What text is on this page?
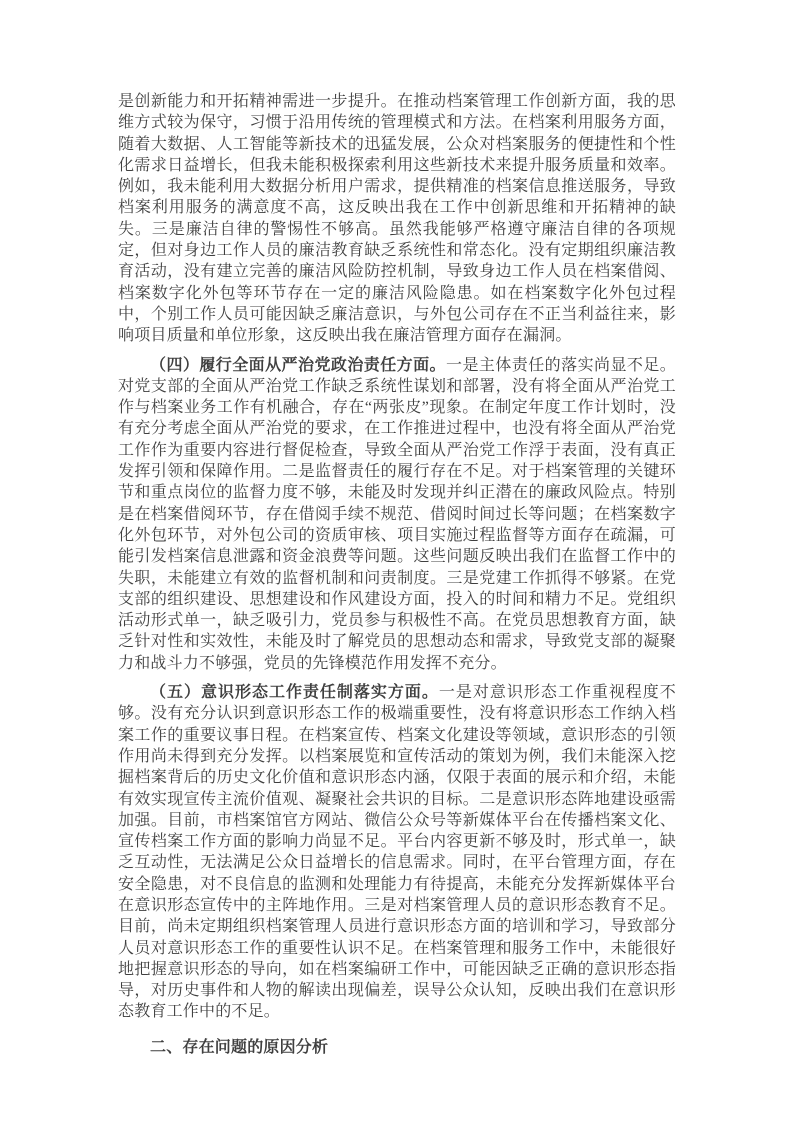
是创新能力和开拓精神需进一步提升。在推动档案管理工作创新方面，我的思维方式较为保守，习惯于沿用传统的管理模式和方法。在档案利用服务方面，随着大数据、人工智能等新技术的迅猛发展，公众对档案服务的便捷性和个性化需求日益增长，但我未能积极探索利用这些新技术来提升服务质量和效率。例如，我未能利用大数据分析用户需求，提供精准的档案信息推送服务，导致档案利用服务的满意度不高，这反映出我在工作中创新思维和开拓精神的缺失。三是廉洁自律的警惕性不够高。虽然我能够严格遵守廉洁自律的各项规定，但对身边工作人员的廉洁教育缺乏系统性和常态化。没有定期组织廉洁教育活动，没有建立完善的廉洁风险防控机制，导致身边工作人员在档案借阅、档案数字化外包等环节存在一定的廉洁风险隐患。如在档案数字化外包过程中，个别工作人员可能因缺乏廉洁意识，与外包公司存在不正当利益往来，影响项目质量和单位形象，这反映出我在廉洁管理方面存在漏洞。

（四）履行全面从严治党政治责任方面。一是主体责任的落实尚显不足。对党支部的全面从严治党工作缺乏系统性谋划和部署，没有将全面从严治党工作与档案业务工作有机融合，存在“两张皮”现象。在制定年度工作计划时，没有充分考虑全面从严治党的要求，在工作推进过程中，也没有将全面从严治党工作作为重要内容进行督促检查，导致全面从严治党工作浮于表面，没有真正发挥引领和保障作用。二是监督责任的履行存在不足。对于档案管理的关键环节和重点岗位的监督力度不够，未能及时发现并纠正潜在的廉政风险点。特别是在档案借阅环节，存在借阅手续不规范、借阅时间过长等问题；在档案数字化外包环节，对外包公司的资质审核、项目实施过程监督等方面存在疏漏，可能引发档案信息泄露和资金浪费等问题。这些问题反映出我们在监督工作中的失职，未能建立有效的监督机制和问责制度。三是党建工作抓得不够紧。在党支部的组织建设、思想建设和作风建设方面，投入的时间和精力不足。党组织活动形式单一，缺乏吸引力，党员参与积极性不高。在党员思想教育方面，缺乏针对性和实效性，未能及时了解党员的思想动态和需求，导致党支部的凝聚力和战斗力不够强，党员的先锋模范作用发挥不充分。

（五）意识形态工作责任制落实方面。一是对意识形态工作重视程度不够。没有充分认识到意识形态工作的极端重要性，没有将意识形态工作纳入档案工作的重要议事日程。在档案宣传、档案文化建设等领域，意识形态的引领作用尚未得到充分发挥。以档案展览和宣传活动的策划为例，我们未能深入挖掘档案背后的历史文化价值和意识形态内涵，仅限于表面的展示和介绍，未能有效实现宣传主流价值观、凝聚社会共识的目标。二是意识形态阵地建设亟需加强。目前，市档案馆官方网站、微信公众号等新媒体平台在传播档案文化、宣传档案工作方面的影响力尚显不足。平台内容更新不够及时，形式单一，缺乏互动性，无法满足公众日益增长的信息需求。同时，在平台管理方面，存在安全隐患，对不良信息的监测和处理能力有待提高，未能充分发挥新媒体平台在意识形态宣传中的主阵地作用。三是对档案管理人员的意识形态教育不足。目前，尚未定期组织档案管理人员进行意识形态方面的培训和学习，导致部分人员对意识形态工作的重要性认识不足。在档案管理和服务工作中，未能很好地把握意识形态的导向，如在档案编研工作中，可能因缺乏正确的意识形态指导，对历史事件和人物的解读出现偏差，误导公众认知，反映出我们在意识形态教育工作中的不足。

二、存在问题的原因分析
